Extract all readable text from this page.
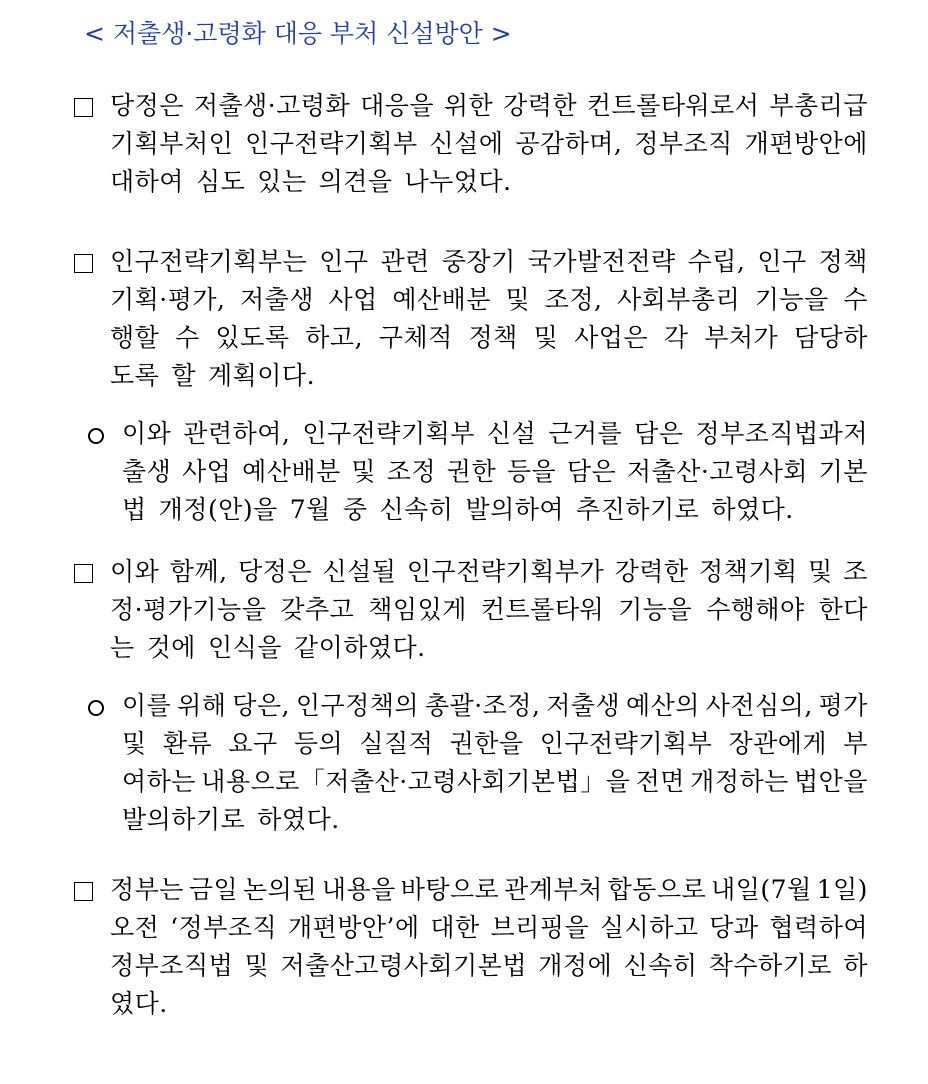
< 저출생·고령화 대응 부처 신설방안 >
당정은 저출생·고령화 대응을 위한 강력한 컨트롤타워로서 부총리급
기획부처인 인구전략기획부 신설에 공감하며, 정부조직 개편방안에
대하여 심도 있는 의견을 나누었다.
인구전략기획부는 인구 관련 중장기 국가발전전략 수립, 인구 정책
기획·평가, 저출생 사업 예산배분 및 조정, 사회부총리 기능을 수
행할 수 있도록 하고, 구체적 정책 및 사업은 각 부처가 담당하
도록 할 계획이다.
이와 관련하여, 인구전략기획부 신설 근거를 담은 정부조직법과저
출생 사업 예산배분 및 조정 권한 등을 담은 저출산·고령사회 기본
법 개정(안)을 7월 중 신속히 발의하여 추진하기로 하였다.
이와 함께, 당정은 신설될 인구전략기획부가 강력한 정책기획 및 조
정·평가기능을 갖추고 책임있게 컨트롤타워 기능을 수행해야 한다
는 것에 인식을 같이하였다.
이를 위해 당은, 인구정책의 총괄·조정, 저출생 예산의 사전심의, 평가
및 환류 요구 등의 실질적 권한을 인구전략기획부 장관에게 부
여하는 내용으로「저출산·고령사회기본법」을 전면 개정하는 법안을
발의하기로 하였다.
정부는 금일 논의된 내용을 바탕으로 관계부처 합동으로 내일(7월 1일)
오전 ‘정부조직 개편방안’에 대한 브리핑을 실시하고 당과 협력하여
정부조직법 및 저출산고령사회기본법 개정에 신속히 착수하기로 하
였다.
